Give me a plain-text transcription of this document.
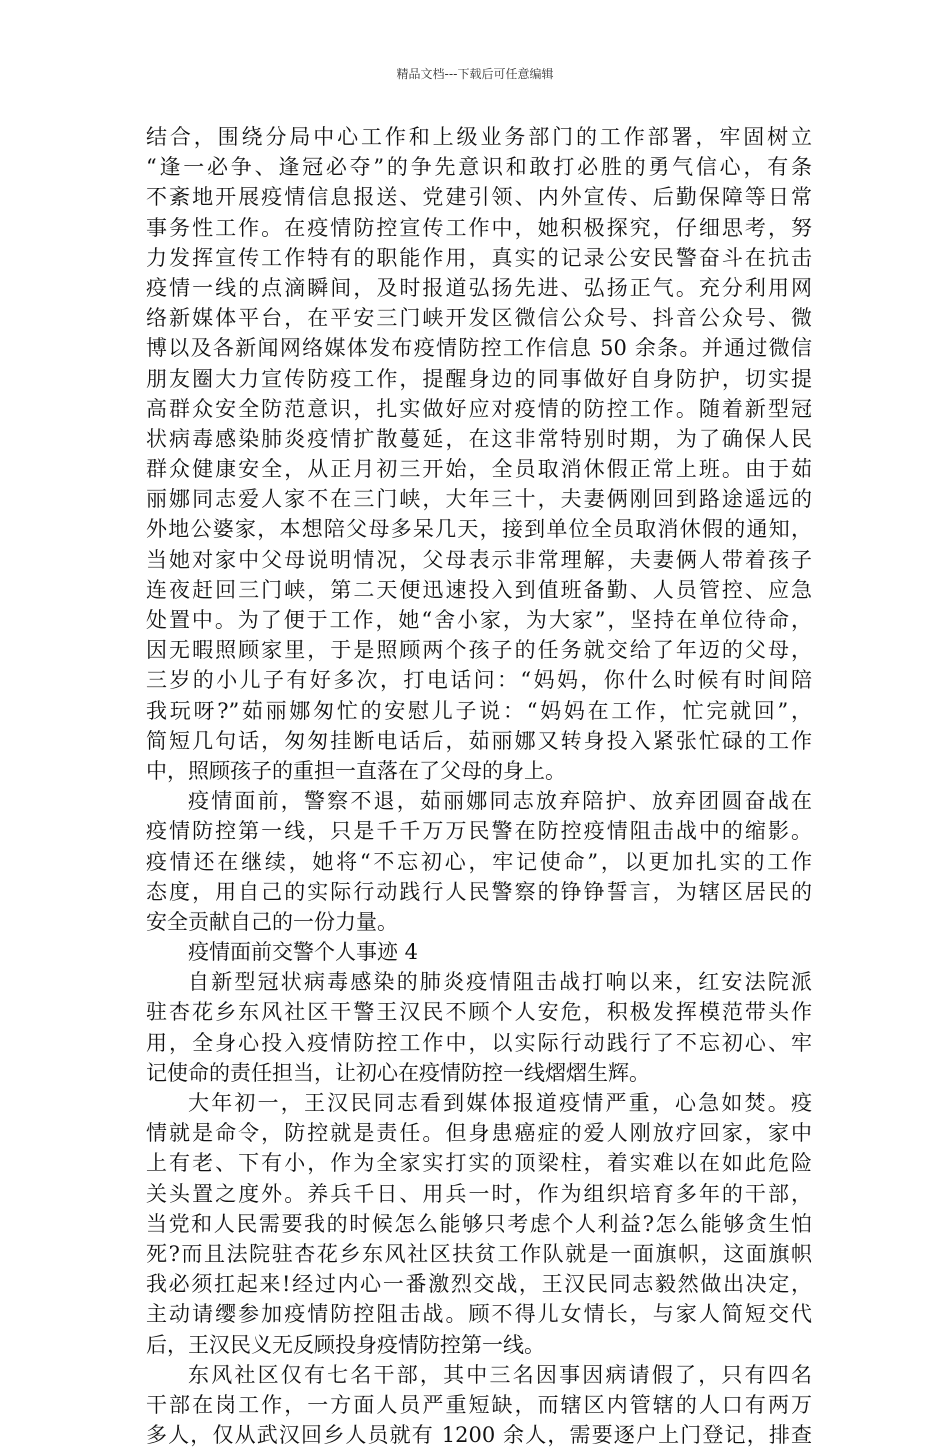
精品文档---下载后可任意编辑
结合，围绕分局中心工作和上级业务部门的工作部署，牢固树立
“逢一必争、逢冠必夺”的争先意识和敢打必胜的勇气信心，有条
不紊地开展疫情信息报送、党建引领、内外宣传、后勤保障等日常
事务性工作。在疫情防控宣传工作中，她积极探究，仔细思考，努
力发挥宣传工作特有的职能作用，真实的记录公安民警奋斗在抗击
疫情一线的点滴瞬间，及时报道弘扬先进、弘扬正气。充分利用网
络新媒体平台，在平安三门峡开发区微信公众号、抖音公众号、微
博以及各新闻网络媒体发布疫情防控工作信息 50 余条。并通过微信
朋友圈大力宣传防疫工作，提醒身边的同事做好自身防护，切实提
高群众安全防范意识，扎实做好应对疫情的防控工作。随着新型冠
状病毒感染肺炎疫情扩散蔓延，在这非常特别时期，为了确保人民
群众健康安全，从正月初三开始，全员取消休假正常上班。由于茹
丽娜同志爱人家不在三门峡，大年三十，夫妻俩刚回到路途遥远的
外地公婆家，本想陪父母多呆几天，接到单位全员取消休假的通知，
当她对家中父母说明情况，父母表示非常理解，夫妻俩人带着孩子
连夜赶回三门峡，第二天便迅速投入到值班备勤、人员管控、应急
处置中。为了便于工作，她“舍小家，为大家”，坚持在单位待命，
因无暇照顾家里，于是照顾两个孩子的任务就交给了年迈的父母，
三岁的小儿子有好多次，打电话问：“妈妈，你什么时候有时间陪
我玩呀?”茹丽娜匆忙的安慰儿子说：“妈妈在工作，忙完就回”，
简短几句话，匆匆挂断电话后，茹丽娜又转身投入紧张忙碌的工作
中，照顾孩子的重担一直落在了父母的身上。
疫情面前，警察不退，茹丽娜同志放弃陪护、放弃团圆奋战在
疫情防控第一线，只是千千万万民警在防控疫情阻击战中的缩影。
疫情还在继续，她将“不忘初心，牢记使命”，以更加扎实的工作
态度，用自己的实际行动践行人民警察的铮铮誓言，为辖区居民的
安全贡献自己的一份力量。
疫情面前交警个人事迹 4
自新型冠状病毒感染的肺炎疫情阻击战打响以来，红安法院派
驻杏花乡东风社区干警王汉民不顾个人安危，积极发挥模范带头作
用，全身心投入疫情防控工作中，以实际行动践行了不忘初心、牢
记使命的责任担当，让初心在疫情防控一线熠熠生辉。
大年初一，王汉民同志看到媒体报道疫情严重，心急如焚。疫
情就是命令，防控就是责任。但身患癌症的爱人刚放疗回家，家中
上有老、下有小，作为全家实打实的顶梁柱，着实难以在如此危险
关头置之度外。养兵千日、用兵一时，作为组织培育多年的干部，
当党和人民需要我的时候怎么能够只考虑个人利益?怎么能够贪生怕
死?而且法院驻杏花乡东风社区扶贫工作队就是一面旗帜，这面旗帜
我必须扛起来!经过内心一番激烈交战，王汉民同志毅然做出决定，
主动请缨参加疫情防控阻击战。顾不得儿女情长，与家人简短交代
后，王汉民义无反顾投身疫情防控第一线。
东风社区仅有七名干部，其中三名因事因病请假了，只有四名
干部在岗工作，一方面人员严重短缺，而辖区内管辖的人口有两万
多人，仅从武汉回乡人员就有 1200 余人，需要逐户上门登记，排查
